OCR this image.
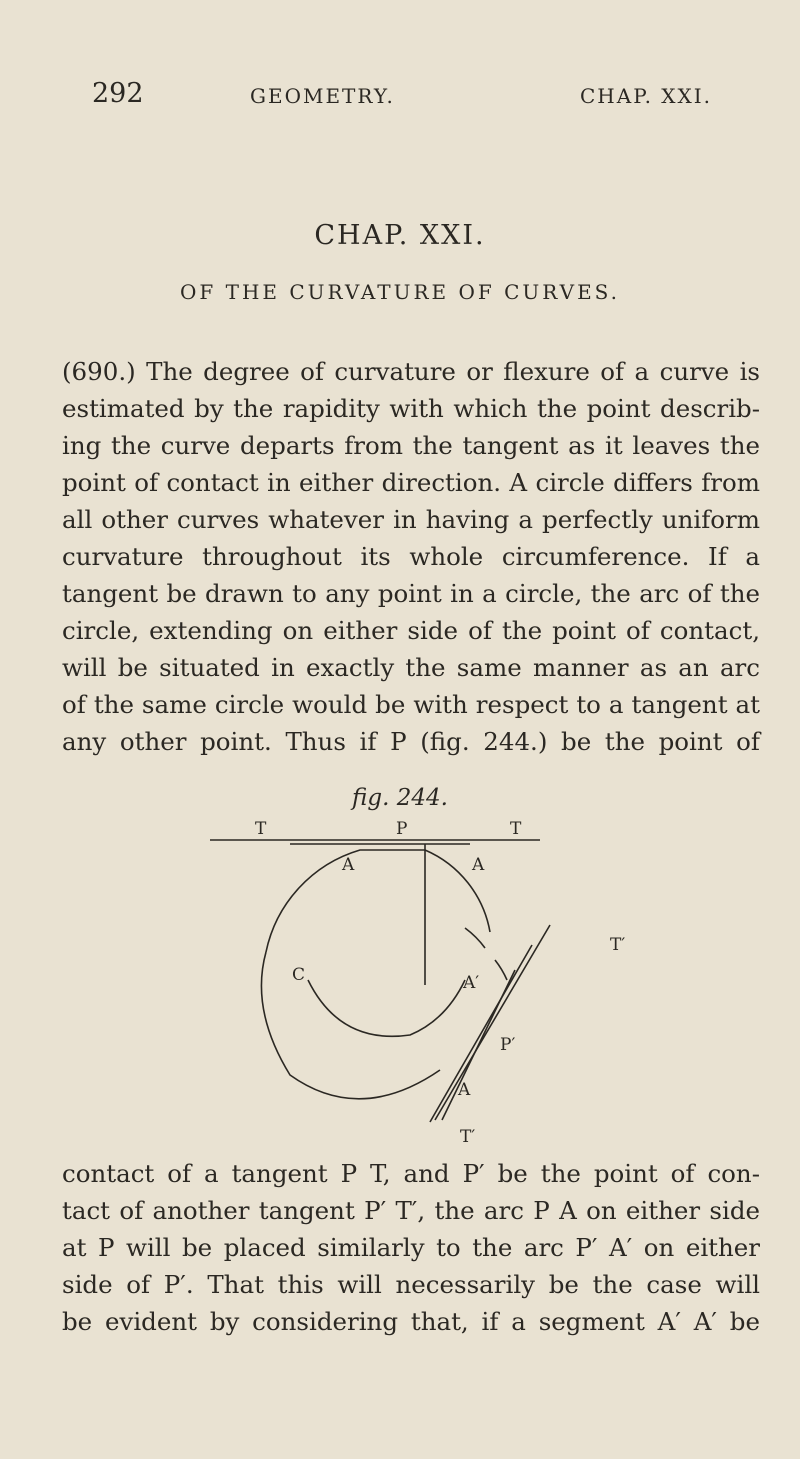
292	GEOMETRY.	CHAP. XXI.
CHAP. XXI.
OF THE CURVATURE OF CURVES.
(690.) The degree of curvature or flexure of a curve is
estimated by the rapidity with which the point describ-
ing the curve departs from the tangent as it leaves the
point of contact in either direction. A circle differs from
all other curves whatever in having a perfectly uniform
curvature throughout its whole circumference. If a
tangent be drawn to any point in a circle, the arc of the
circle, extending on either side of the point of contact,
will be situated in exactly the same manner as an arc
of the same circle would be with respect to a tangent at
any other point. Thus if P (fig. 244.) be the point of
fig. 244.
T	P	T
A	A
C	A′
T′
P′
A
T′
contact of a tangent P T, and P′ be the point of con-
tact of another tangent P′ T′, the arc P A on either side
at P will be placed similarly to the arc P′ A′ on either
side of P′. That this will necessarily be the case will
be evident by considering that, if a segment A′ A′ be
